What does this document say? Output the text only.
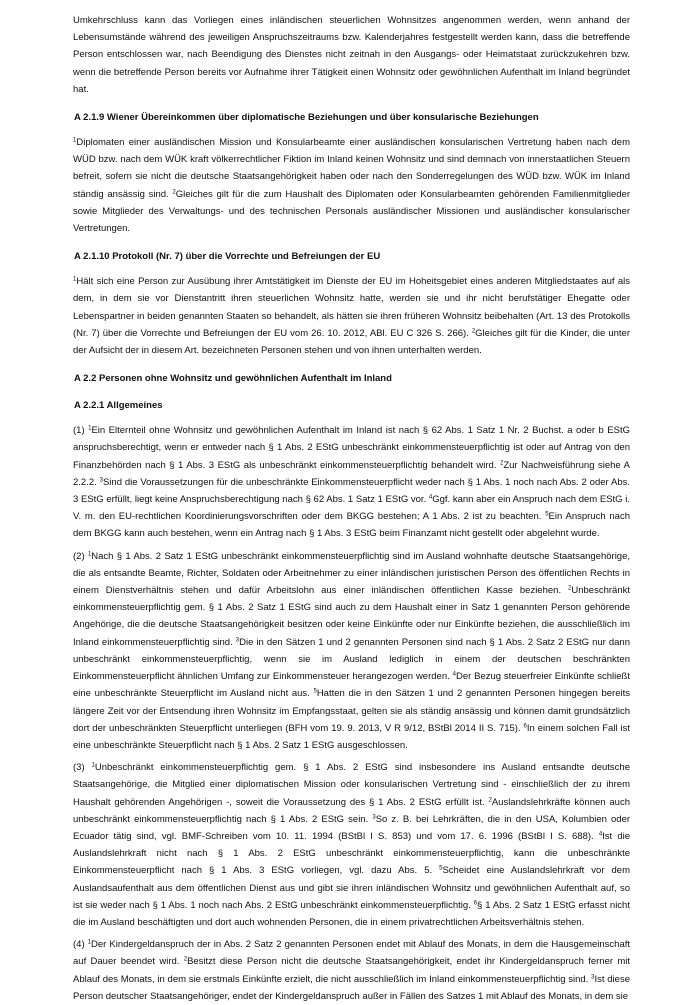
Umkehrschluss kann das Vorliegen eines inländischen steuerlichen Wohnsitzes angenommen werden, wenn anhand der Lebensumstände während des jeweiligen Anspruchszeitraums bzw. Kalenderjahres festgestellt werden kann, dass die betreffende Person entschlossen war, nach Beendigung des Dienstes nicht zeitnah in den Ausgangs- oder Heimatstaat zurückzukehren bzw. wenn die betreffende Person bereits vor Aufnahme ihrer Tätigkeit einen Wohnsitz oder gewöhnlichen Aufenthalt im Inland begründet hat.

A 2.1.9 Wiener Übereinkommen über diplomatische Beziehungen und über konsularische Beziehungen

$^1$Diplomaten einer ausländischen Mission und Konsularbeamte einer ausländischen konsularischen Vertretung haben nach dem WÜD bzw. nach dem WÜK kraft völkerrechtlicher Fiktion im Inland keinen Wohnsitz und sind demnach von innerstaatlichen Steuern befreit, sofern sie nicht die deutsche Staatsangehörigkeit haben oder nach den Sonderregelungen des WÜD bzw. WÜK im Inland ständig ansässig sind. $^2$Gleiches gilt für die zum Haushalt des Diplomaten oder Konsularbeamten gehörenden Familienmitglieder sowie Mitglieder des Verwaltungs- und des technischen Personals ausländischer Missionen und ausländischer konsularischer Vertretungen.

A 2.1.10 Protokoll (Nr. 7) über die Vorrechte und Befreiungen der EU

$^1$Hält sich eine Person zur Ausübung ihrer Amtstätigkeit im Dienste der EU im Hoheitsgebiet eines anderen Mitgliedstaates auf als dem, in dem sie vor Dienstantritt ihren steuerlichen Wohnsitz hatte, werden sie und ihr nicht berufstätiger Ehegatte oder Lebenspartner in beiden genannten Staaten so behandelt, als hätten sie ihren früheren Wohnsitz beibehalten (Art. 13 des Protokolls (Nr. 7) über die Vorrechte und Befreiungen der EU vom 26. 10. 2012, ABl. EU C 326 S. 266). $^2$Gleiches gilt für die Kinder, die unter der Aufsicht der in diesem Art. bezeichneten Personen stehen und von ihnen unterhalten werden.

A 2.2 Personen ohne Wohnsitz und gewöhnlichen Aufenthalt im Inland
A 2.2.1 Allgemeines

(1) $^1$Ein Elternteil ohne Wohnsitz und gewöhnlichen Aufenthalt im Inland ist nach § 62 Abs. 1 Satz 1 Nr. 2 Buchst. a oder b EStG anspruchsberechtigt, wenn er entweder nach § 1 Abs. 2 EStG unbeschränkt einkommensteuerpflichtig ist oder auf Antrag von den Finanzbehörden nach § 1 Abs. 3 EStG als unbeschränkt einkommensteuerpflichtig behandelt wird. $^2$Zur Nachweisführung siehe A 2.2.2. $^3$Sind die Voraussetzungen für die unbeschränkte Einkommensteuerpflicht weder nach § 1 Abs. 1 noch nach Abs. 2 oder Abs. 3 EStG erfüllt, liegt keine Anspruchsberechtigung nach § 62 Abs. 1 Satz 1 EStG vor. $^4$Ggf. kann aber ein Anspruch nach dem EStG i. V. m. den EU-rechtlichen Koordinierungsvorschriften oder dem BKGG bestehen; A 1 Abs. 2 ist zu beachten. $^5$Ein Anspruch nach dem BKGG kann auch bestehen, wenn ein Antrag nach § 1 Abs. 3 EStG beim Finanzamt nicht gestellt oder abgelehnt wurde.

(2) $^1$Nach § 1 Abs. 2 Satz 1 EStG unbeschränkt einkommensteuerpflichtig sind im Ausland wohnhafte deutsche Staatsangehörige, die als entsandte Beamte, Richter, Soldaten oder Arbeitnehmer zu einer inländischen juristischen Person des öffentlichen Rechts in einem Dienstverhältnis stehen und dafür Arbeitslohn aus einer inländischen öffentlichen Kasse beziehen. $^2$Unbeschränkt einkommensteuerpflichtig gem. § 1 Abs. 2 Satz 1 EStG sind auch zu dem Haushalt einer in Satz 1 genannten Person gehörende Angehörige, die die deutsche Staatsangehörigkeit besitzen oder keine Einkünfte oder nur Einkünfte beziehen, die ausschließlich im Inland einkommensteuerpflichtig sind. $^3$Die in den Sätzen 1 und 2 genannten Personen sind nach § 1 Abs. 2 Satz 2 EStG nur dann unbeschränkt einkommensteuerpflichtig, wenn sie im Ausland lediglich in einem der deutschen beschränkten Einkommensteuerpflicht ähnlichen Umfang zur Einkommensteuer herangezogen werden. $^4$Der Bezug steuerfreier Einkünfte schließt eine unbeschränkte Steuerpflicht im Ausland nicht aus. $^5$Hatten die in den Sätzen 1 und 2 genannten Personen hingegen bereits längere Zeit vor der Entsendung ihren Wohnsitz im Empfangsstaat, gelten sie als ständig ansässig und können damit grundsätzlich dort der unbeschränkten Steuerpflicht unterliegen (BFH vom 19. 9. 2013, V R 9/12, BStBl 2014 II S. 715). $^6$In einem solchen Fall ist eine unbeschränkte Steuerpflicht nach § 1 Abs. 2 Satz 1 EStG ausgeschlossen.

(3) $^1$Unbeschränkt einkommensteuerpflichtig gem. § 1 Abs. 2 EStG sind insbesondere ins Ausland entsandte deutsche Staatsangehörige, die Mitglied einer diplomatischen Mission oder konsularischen Vertretung sind - einschließlich der zu ihrem Haushalt gehörenden Angehörigen -, soweit die Voraussetzung des § 1 Abs. 2 EStG erfüllt ist. $^2$Auslandslehrkräfte können auch unbeschränkt einkommensteuerpflichtig nach § 1 Abs. 2 EStG sein. $^3$So z. B. bei Lehrkräften, die in den USA, Kolumbien oder Ecuador tätig sind, vgl. BMF-Schreiben vom 10. 11. 1994 (BStBl I S. 853) und vom 17. 6. 1996 (BStBl I S. 688). $^4$Ist die Auslandslehrkraft nicht nach § 1 Abs. 2 EStG unbeschränkt einkommensteuerpflichtig, kann die unbeschränkte Einkommensteuerpflicht nach § 1 Abs. 3 EStG vorliegen, vgl. dazu Abs. 5. $^5$Scheidet eine Auslandslehrkraft vor dem Auslandsaufenthalt aus dem öffentlichen Dienst aus und gibt sie ihren inländischen Wohnsitz und gewöhnlichen Aufenthalt auf, so ist sie weder nach § 1 Abs. 1 noch nach Abs. 2 EStG unbeschränkt einkommensteuerpflichtig. $^6$§ 1 Abs. 2 Satz 1 EStG erfasst nicht die im Ausland beschäftigten und dort auch wohnenden Personen, die in einem privatrechtlichen Arbeitsverhältnis stehen.

(4) $^1$Der Kindergeldanspruch der in Abs. 2 Satz 2 genannten Personen endet mit Ablauf des Monats, in dem die Hausgemeinschaft auf Dauer beendet wird. $^2$Besitzt diese Person nicht die deutsche Staatsangehörigkeit, endet ihr Kindergeldanspruch ferner mit Ablauf des Monats, in dem sie erstmals Einkünfte erzielt, die nicht ausschließlich im Inland einkommensteuerpflichtig sind. $^3$Ist diese Person deutscher Staatsangehöriger, endet der Kindergeldanspruch außer in Fällen des Satzes 1 mit Ablauf des Monats, in dem sie
